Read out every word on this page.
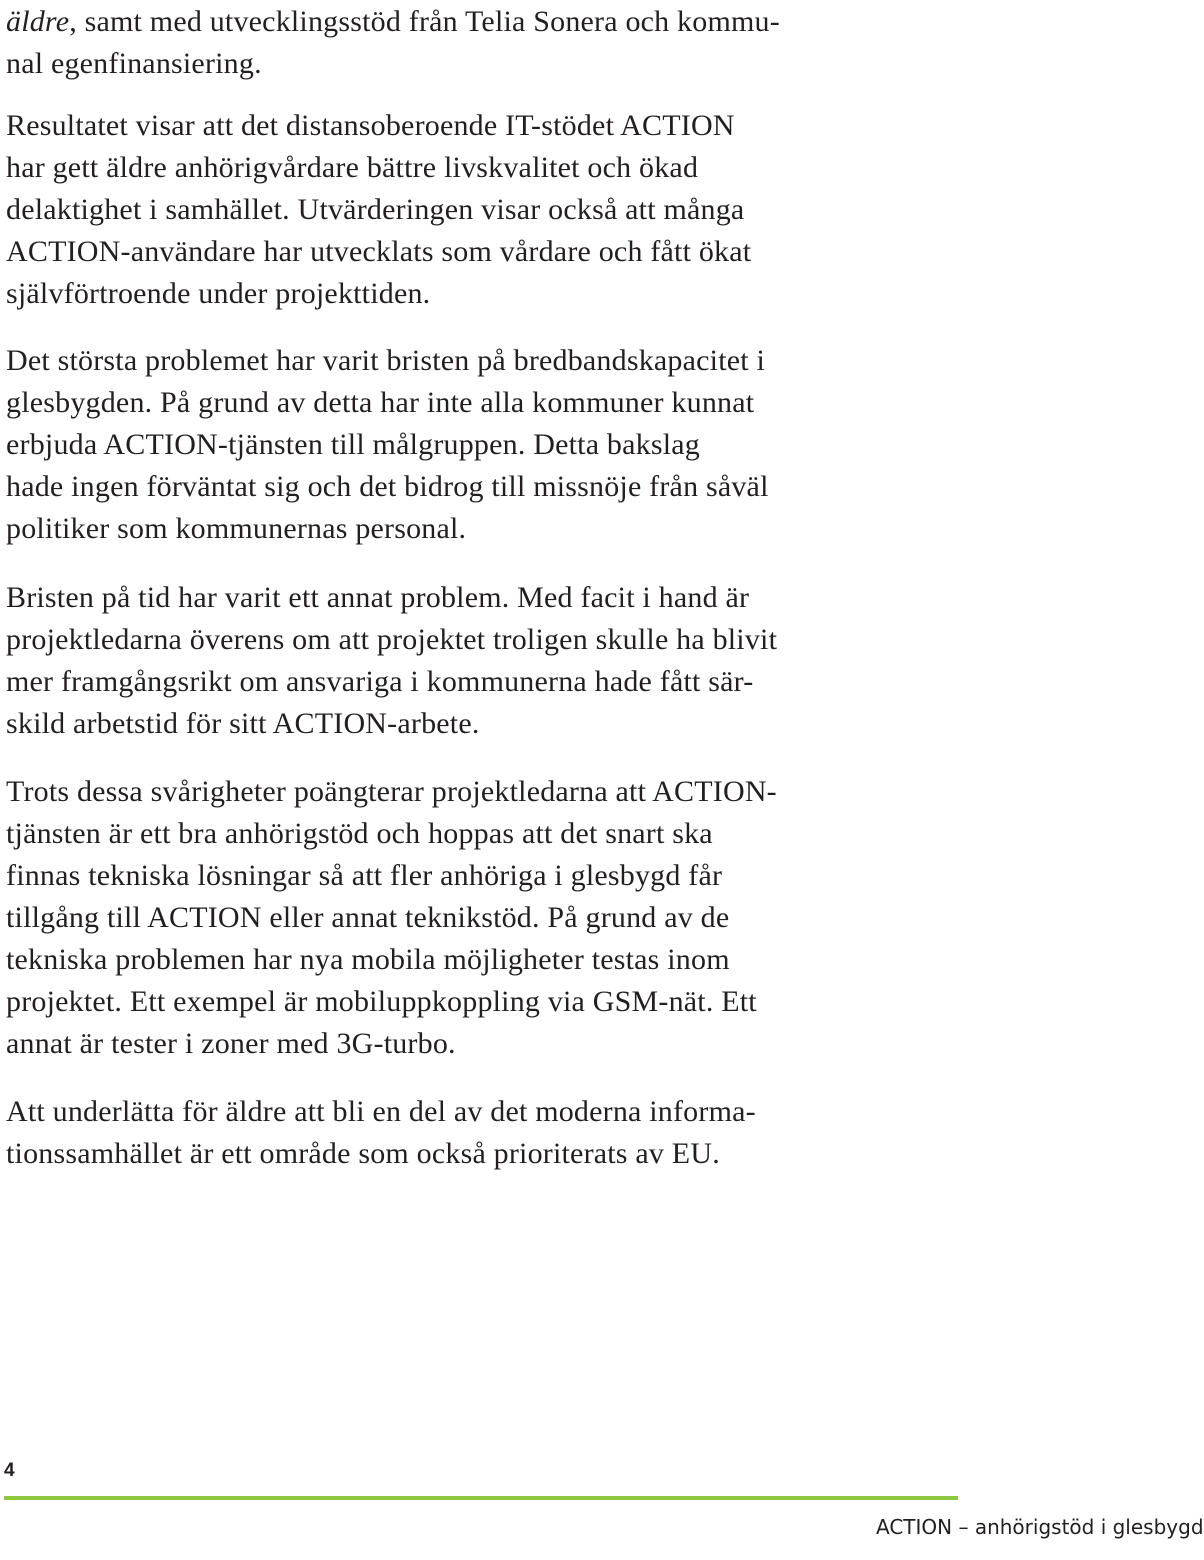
äldre, samt med utvecklingsstöd från Telia Sonera och kommu-
nal egenfinansiering.
Resultatet visar att det distansoberoende IT-stödet ACTION
har gett äldre anhörigvårdare bättre livskvalitet och ökad
delaktighet i samhället. Utvärderingen visar också att många
ACTION-användare har utvecklats som vårdare och fått ökat
självförtroende under projekttiden.
Det största problemet har varit bristen på bredbandskapacitet i
glesbygden. På grund av detta har inte alla kommuner kunnat
erbjuda ACTION-tjänsten till målgruppen. Detta bakslag
hade ingen förväntat sig och det bidrog till missnöje från såväl
politiker som kommunernas personal.
Bristen på tid har varit ett annat problem. Med facit i hand är
projektledarna överens om att projektet troligen skulle ha blivit
mer framgångsrikt om ansvariga i kommunerna hade fått sär-
skild arbetstid för sitt ACTION-arbete.
Trots dessa svårigheter poängterar projektledarna att ACTION-
tjänsten är ett bra anhörigstöd och hoppas att det snart ska
finnas tekniska lösningar så att fler anhöriga i glesbygd får
tillgång till ACTION eller annat teknikstöd. På grund av de
tekniska problemen har nya mobila möjligheter testas inom
projektet. Ett exempel är mobiluppkoppling via GSM-nät. Ett
annat är tester i zoner med 3G-turbo.
Att underlätta för äldre att bli en del av det moderna informa-
tionssamhället är ett område som också prioriterats av EU.
4
ACTION – anhörigstöd i glesbygd
